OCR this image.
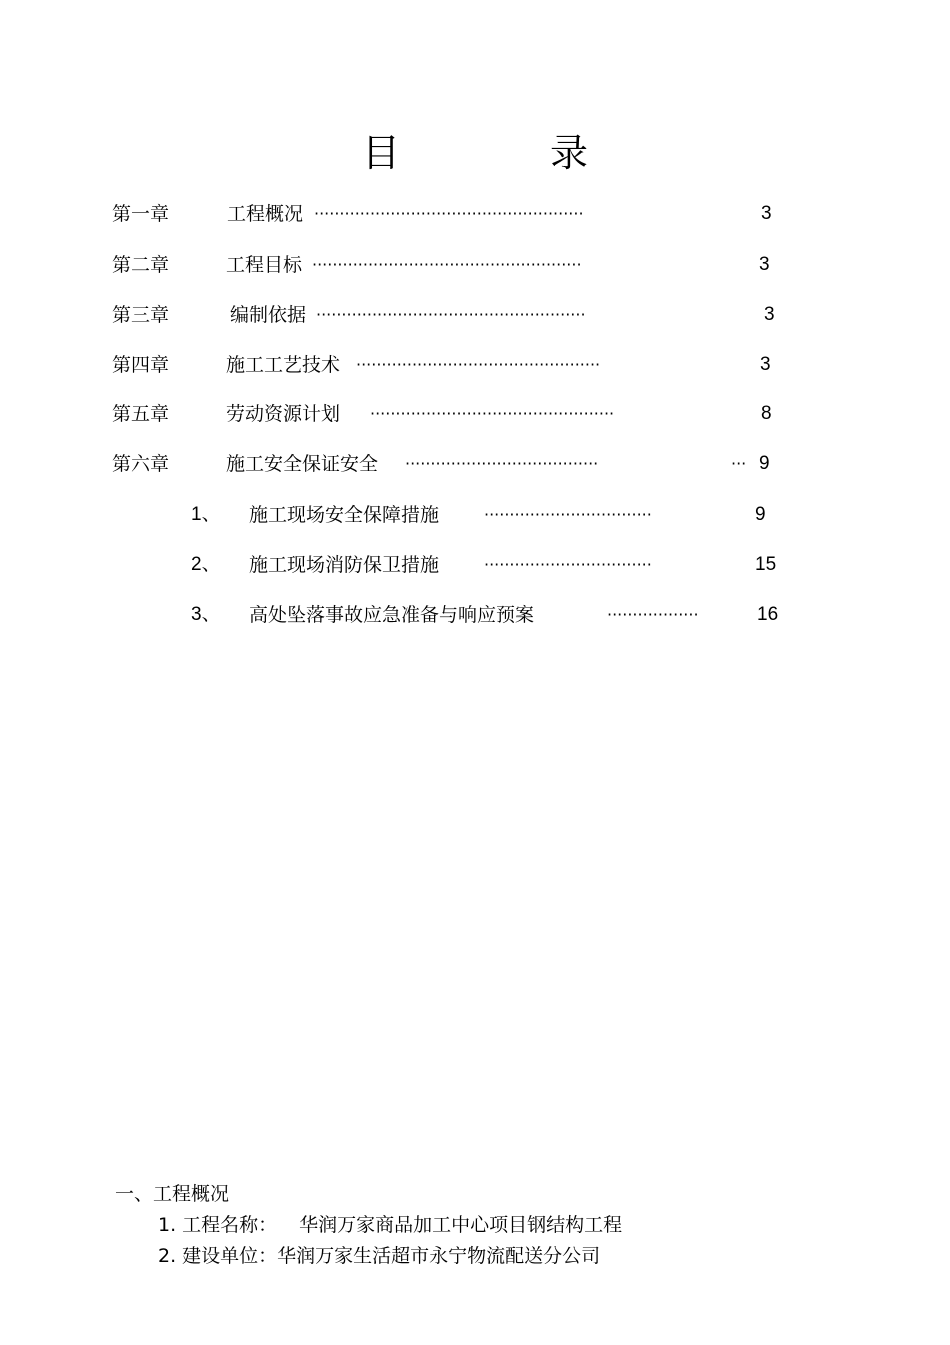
目　录
第一章	工程概况 ·····················································	3
第二章	工程目标 ·····················································	3
第三章	编制依据 ·····················································	3
第四章	施工工艺技术 ················································	3
第五章	劳动资源计划 ················································	8
第六章	施工安全保证安全 ······································	··· 9
1、 施工现场安全保障措施	·································	9
2、 施工现场消防保卫措施	·································	15
3、 高处坠落事故应急准备与响应预案	··················	16
一、工程概况
1. 工程名称： 华润万家商品加工中心项目钢结构工程
2. 建设单位：华润万家生活超市永宁物流配送分公司
